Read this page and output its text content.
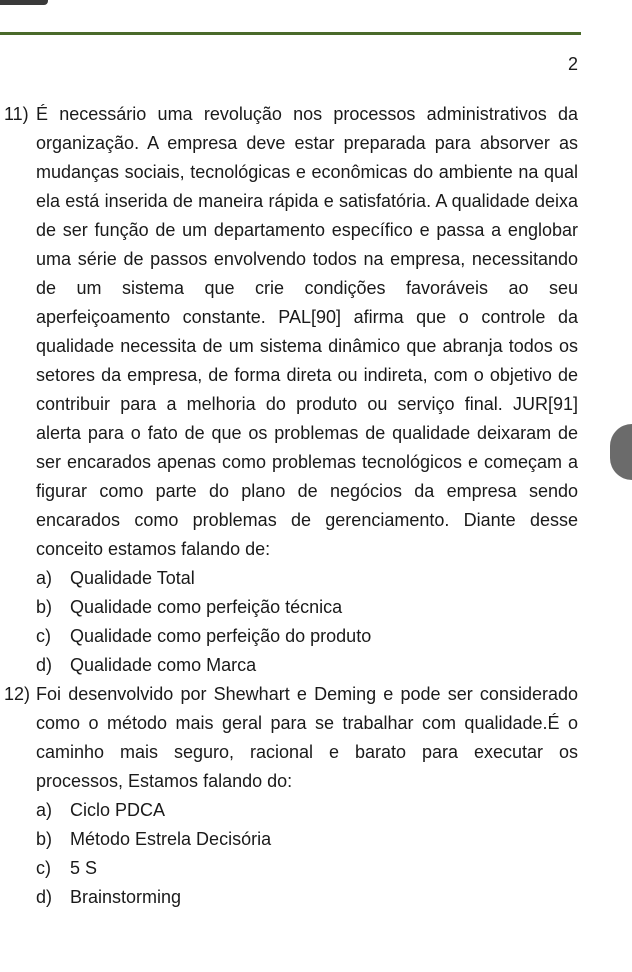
2
11) É necessário uma revolução nos processos administrativos da organização. A empresa deve estar preparada para absorver as mudanças sociais, tecnológicas e econômicas do ambiente na qual ela está inserida de maneira rápida e satisfatória. A qualidade deixa de ser função de um departamento específico e passa a englobar uma série de passos envolvendo todos na empresa, necessitando de um sistema que crie condições favoráveis ao seu aperfeiçoamento constante. PAL[90] afirma que o controle da qualidade necessita de um sistema dinâmico que abranja todos os setores da empresa, de forma direta ou indireta, com o objetivo de contribuir para a melhoria do produto ou serviço final. JUR[91] alerta para o fato de que os problemas de qualidade deixaram de ser encarados apenas como problemas tecnológicos e começam a figurar como parte do plano de negócios da empresa sendo encarados como problemas de gerenciamento. Diante desse conceito estamos falando de:
a) Qualidade Total
b) Qualidade como perfeição técnica
c)	Qualidade como perfeição do produto
d) Qualidade como Marca
12) Foi desenvolvido por Shewhart e Deming e pode ser considerado como o método mais geral para se trabalhar com qualidade.É o caminho mais seguro, racional e barato para executar os processos, Estamos falando do:
a) Ciclo PDCA
b) Método Estrela Decisória
c)	5 S
d) Brainstorming
